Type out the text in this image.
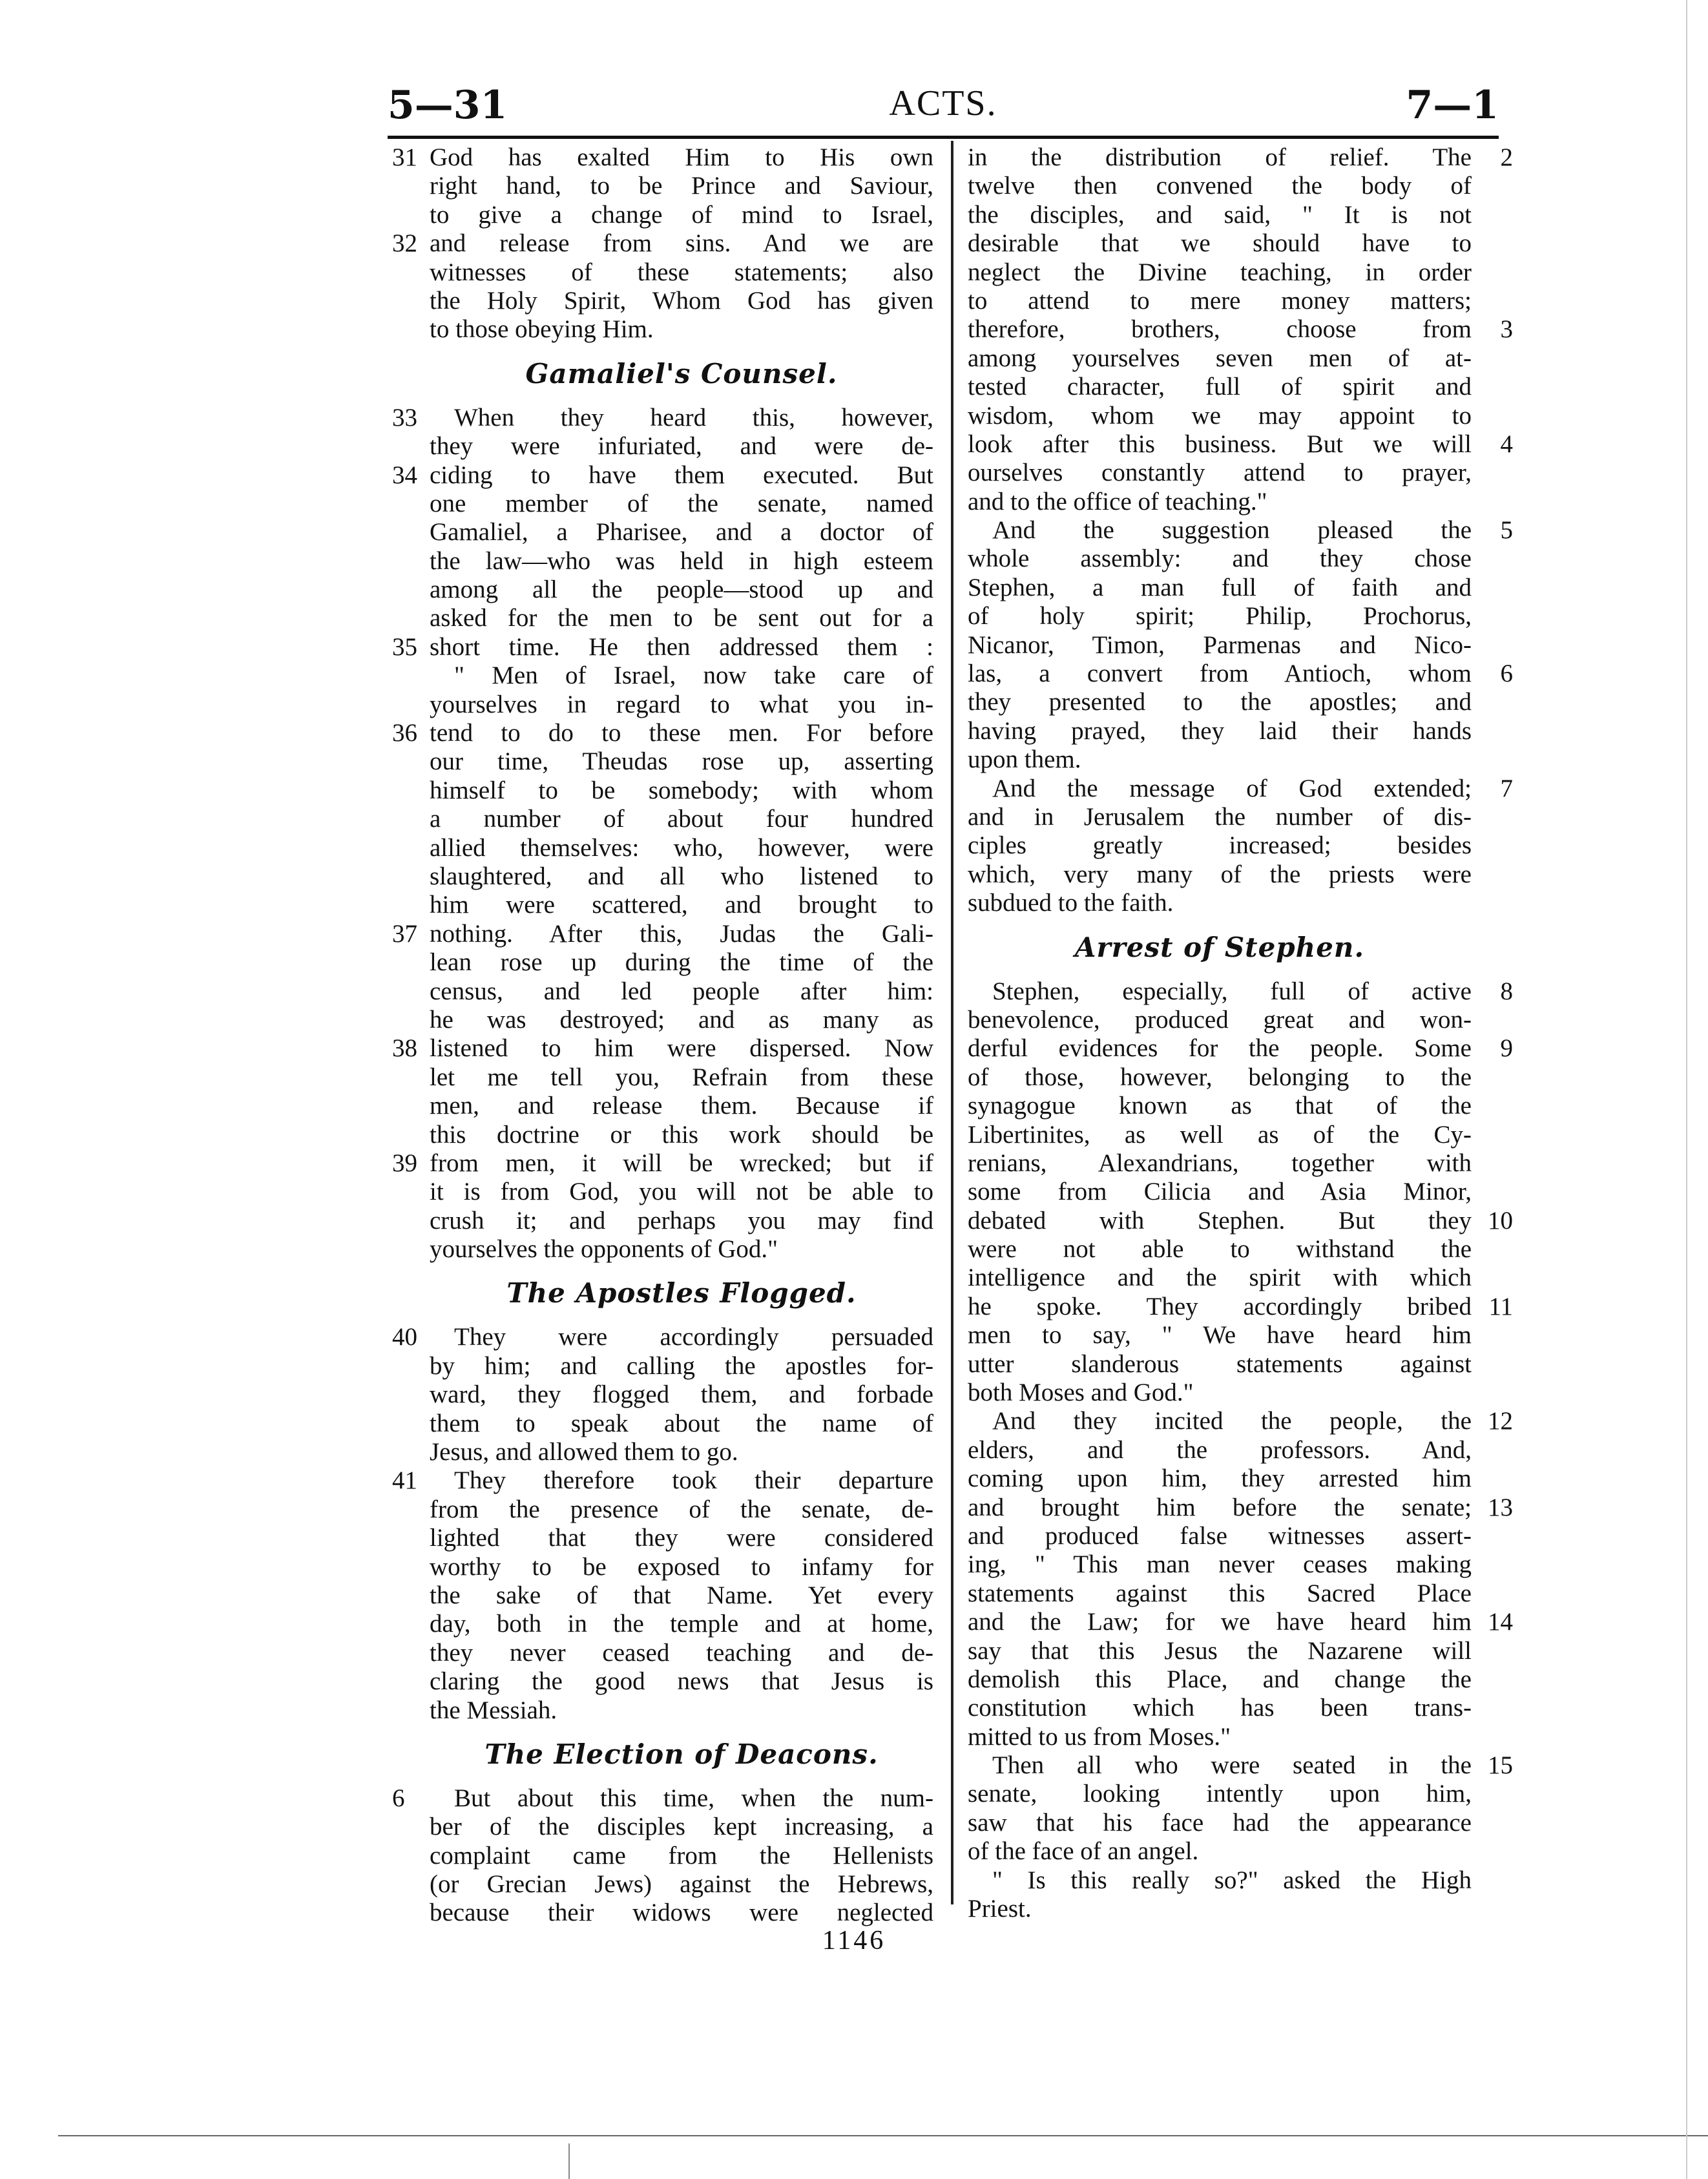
5—31	ACTS.	7—1
God has exalted Him to His own
31
right hand, to be Prince and Saviour,
to give a change of mind to Israel,
and release from sins. And we are
32
witnesses of these statements; also
the Holy Spirit, Whom God has given
to those obeying Him.
Gamaliel's Counsel.
When they heard this, however,
33
they were infuriated, and were de-
ciding to have them executed. But
34
one member of the senate, named
Gamaliel, a Pharisee, and a doctor of
the law—who was held in high esteem
among all the people—stood up and
asked for the men to be sent out for a
short time. He then addressed them :
35
" Men of Israel, now take care of
yourselves in regard to what you in-
tend to do to these men. For before
36
our time, Theudas rose up, asserting
himself to be somebody; with whom
a number of about four hundred
allied themselves: who, however, were
slaughtered, and all who listened to
him were scattered, and brought to
nothing. After this, Judas the Gali-
37
lean rose up during the time of the
census, and led people after him:
he was destroyed; and as many as
listened to him were dispersed. Now
38
let me tell you, Refrain from these
men, and release them. Because if
this doctrine or this work should be
from men, it will be wrecked; but if
39
it is from God, you will not be able to
crush it; and perhaps you may find
yourselves the opponents of God."
The Apostles Flogged.
They were accordingly persuaded
40
by him; and calling the apostles for-
ward, they flogged them, and forbade
them to speak about the name of
Jesus, and allowed them to go.
They therefore took their departure
41
from the presence of the senate, de-
lighted that they were considered
worthy to be exposed to infamy for
the sake of that Name. Yet every
day, both in the temple and at home,
they never ceased teaching and de-
claring the good news that Jesus is
the Messiah.
The Election of Deacons.
But about this time, when the num-
6
ber of the disciples kept increasing, a
complaint came from the Hellenists
(or Grecian Jews) against the Hebrews,
because their widows were neglected
in the distribution of relief. The 2
twelve then convened the body of
the disciples, and said, " It is not
desirable that we should have to
neglect the Divine teaching, in order
to attend to mere money matters;
therefore, brothers, choose from 3
among yourselves seven men of at-
tested character, full of spirit and
wisdom, whom we may appoint to
look after this business. But we will 4
ourselves constantly attend to prayer,
and to the office of teaching."
And the suggestion pleased the 5
whole assembly: and they chose
Stephen, a man full of faith and
of holy spirit; Philip, Prochorus,
Nicanor, Timon, Parmenas and Nico-
las, a convert from Antioch, whom 6
they presented to the apostles; and
having prayed, they laid their hands
upon them.
And the message of God extended; 7
and in Jerusalem the number of dis-
ciples greatly increased; besides
which, very many of the priests were
subdued to the faith.
Arrest of Stephen.
Stephen, especially, full of active 8
benevolence, produced great and won-
derful evidences for the people. Some 9
of those, however, belonging to the
synagogue known as that of the
Libertinites, as well as of the Cy-
renians, Alexandrians, together with
some from Cilicia and Asia Minor,
debated with Stephen. But they 10
were not able to withstand the
intelligence and the spirit with which
he spoke. They accordingly bribed 11
men to say, " We have heard him
utter slanderous statements against
both Moses and God."
And they incited the people, the 12
elders, and the professors. And,
coming upon him, they arrested him
and brought him before the senate; 13
and produced false witnesses assert-
ing, " This man never ceases making
statements against this Sacred Place
and the Law; for we have heard him 14
say that this Jesus the Nazarene will
demolish this Place, and change the
constitution which has been trans-
mitted to us from Moses."
Then all who were seated in the 15
senate, looking intently upon him,
saw that his face had the appearance
of the face of an angel.
" Is this really so?" asked the High
Priest.
1146
